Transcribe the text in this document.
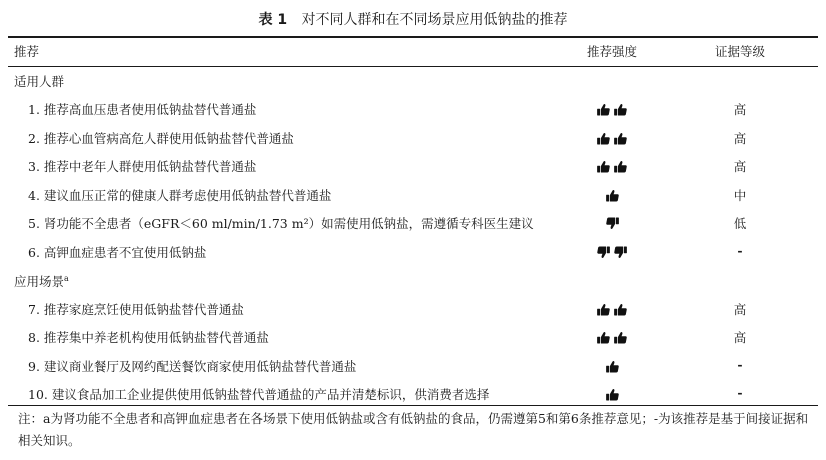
表 1 对不同人群和在不同场景应用低钠盐的推荐
推荐	推荐强度	证据等级
适用人群
1. 推荐高血压患者使用低钠盐替代普通盐	高
2. 推荐心血管病高危人群使用低钠盐替代普通盐	高
3. 推荐中老年人群使用低钠盐替代普通盐	高
4. 建议血压正常的健康人群考虑使用低钠盐替代普通盐	中
5. 肾功能不全患者（eGFR＜60 ml/min/1.73 m²）如需使用低钠盐，需遵循专科医生建议	低
6. 高钾血症患者不宜使用低钠盐	-
应用场景$^a$
7. 推荐家庭烹饪使用低钠盐替代普通盐	高
8. 推荐集中养老机构使用低钠盐替代普通盐	高
9. 建议商业餐厅及网约配送餐饮商家使用低钠盐替代普通盐	-
10. 建议食品加工企业提供使用低钠盐替代普通盐的产品并清楚标识，供消费者选择	-
注：a为肾功能不全患者和高钾血症患者在各场景下使用低钠盐或含有低钠盐的食品，仍需遵第5和第6条推荐意见；-为该推荐是基于间接证据和相关知识。
